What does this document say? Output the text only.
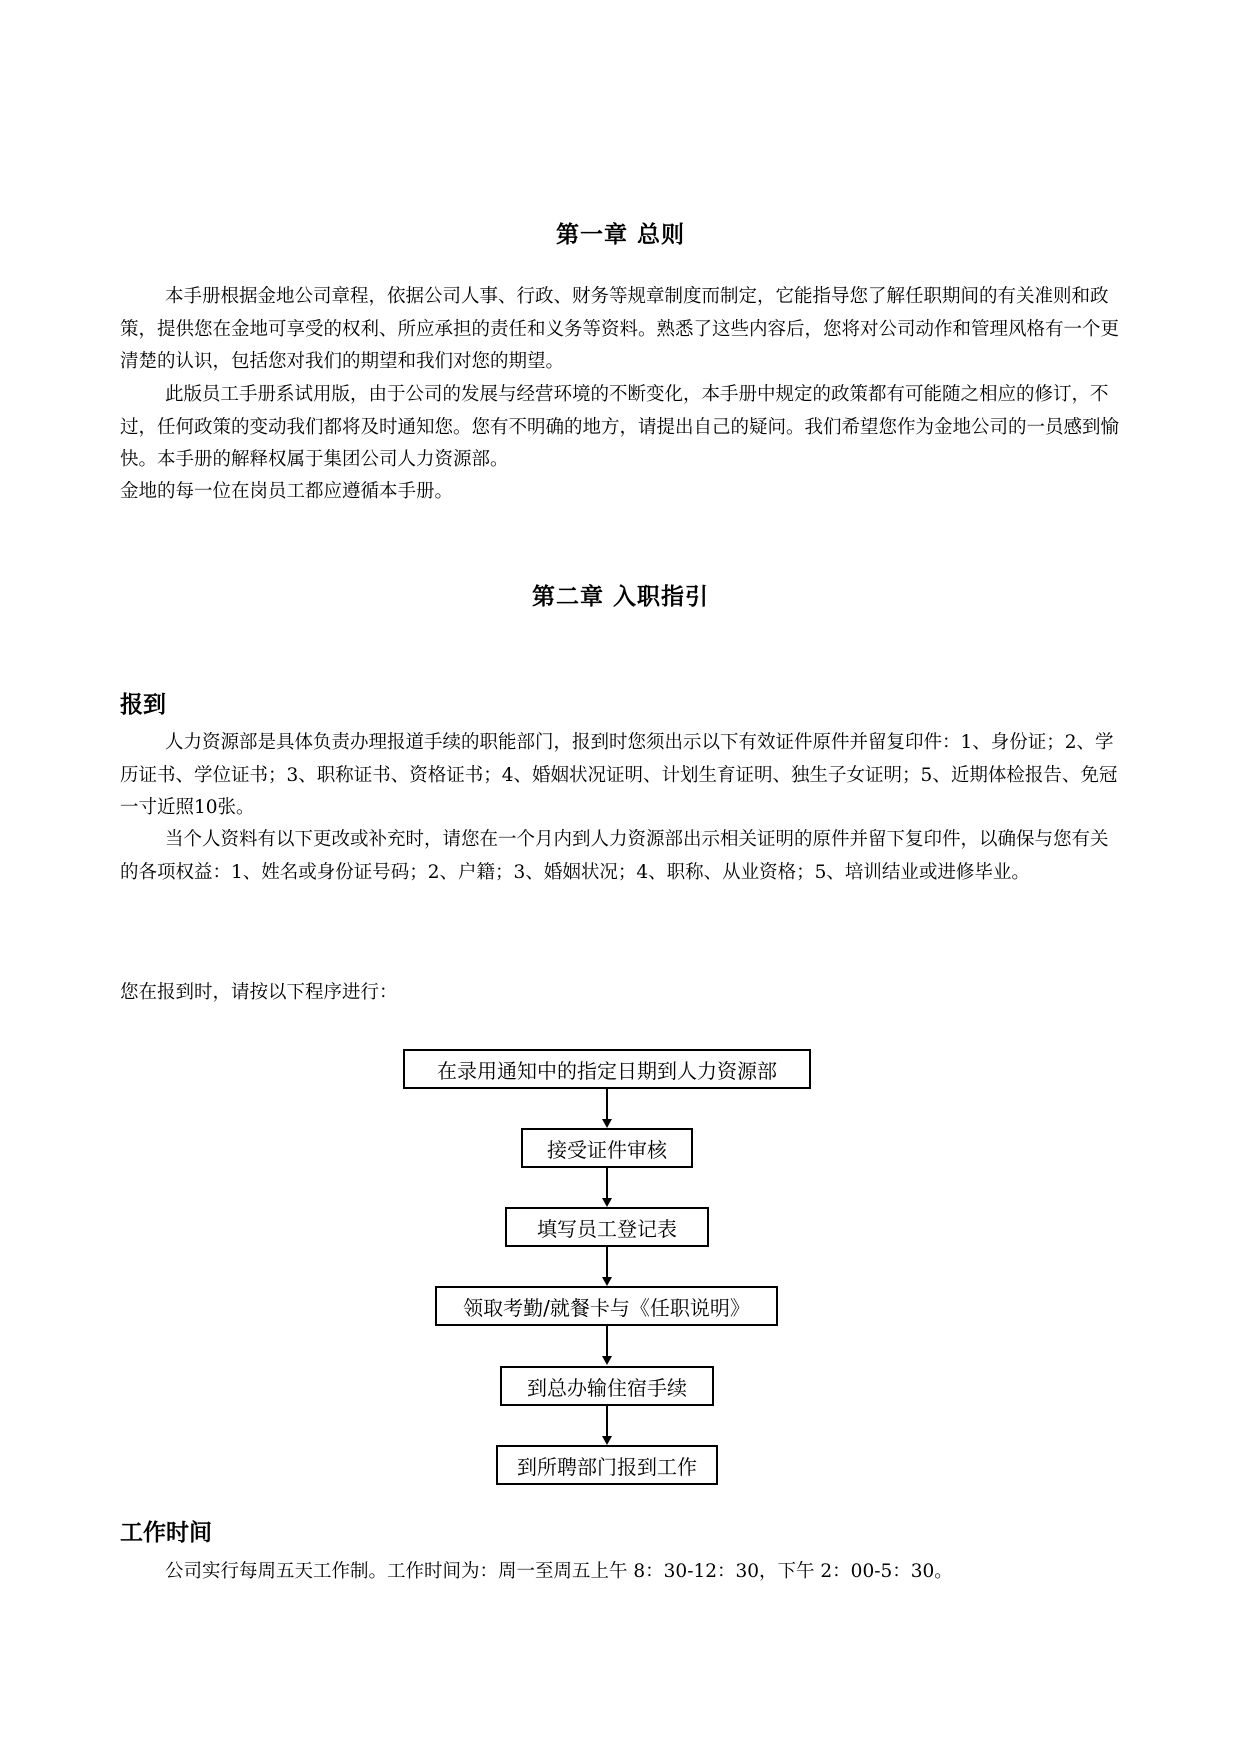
第一章 总则

本手册根据金地公司章程，依据公司人事、行政、财务等规章制度而制定，它能指导您了解任职期间的有关准则和政策，提供您在金地可享受的权利、所应承担的责任和义务等资料。熟悉了这些内容后，您将对公司动作和管理风格有一个更清楚的认识，包括您对我们的期望和我们对您的期望。

此版员工手册系试用版，由于公司的发展与经营环境的不断变化，本手册中规定的政策都有可能随之相应的修订，不过，任何政策的变动我们都将及时通知您。您有不明确的地方，请提出自己的疑问。我们希望您作为金地公司的一员感到愉快。本手册的解释权属于集团公司人力资源部。

金地的每一位在岗员工都应遵循本手册。

第二章 入职指引
报到

人力资源部是具体负责办理报道手续的职能部门，报到时您须出示以下有效证件原件并留复印件：1、身份证；2、学历证书、学位证书；3、职称证书、资格证书；4、婚姻状况证明、计划生育证明、独生子女证明；5、近期体检报告、免冠一寸近照10张。

当个人资料有以下更改或补充时，请您在一个月内到人力资源部出示相关证明的原件并留下复印件，以确保与您有关的各项权益：1、姓名或身份证号码；2、户籍；3、婚姻状况；4、职称、从业资格；5、培训结业或进修毕业。

您在报到时，请按以下程序进行：

在录用通知中的指定日期到人力资源部
接受证件审核
填写员工登记表
领取考勤/就餐卡与《任职说明》
到总办输住宿手续
到所聘部门报到工作
工作时间

公司实行每周五天工作制。工作时间为：周一至周五上午 8：30-12：30，下午 2：00-5：30。
